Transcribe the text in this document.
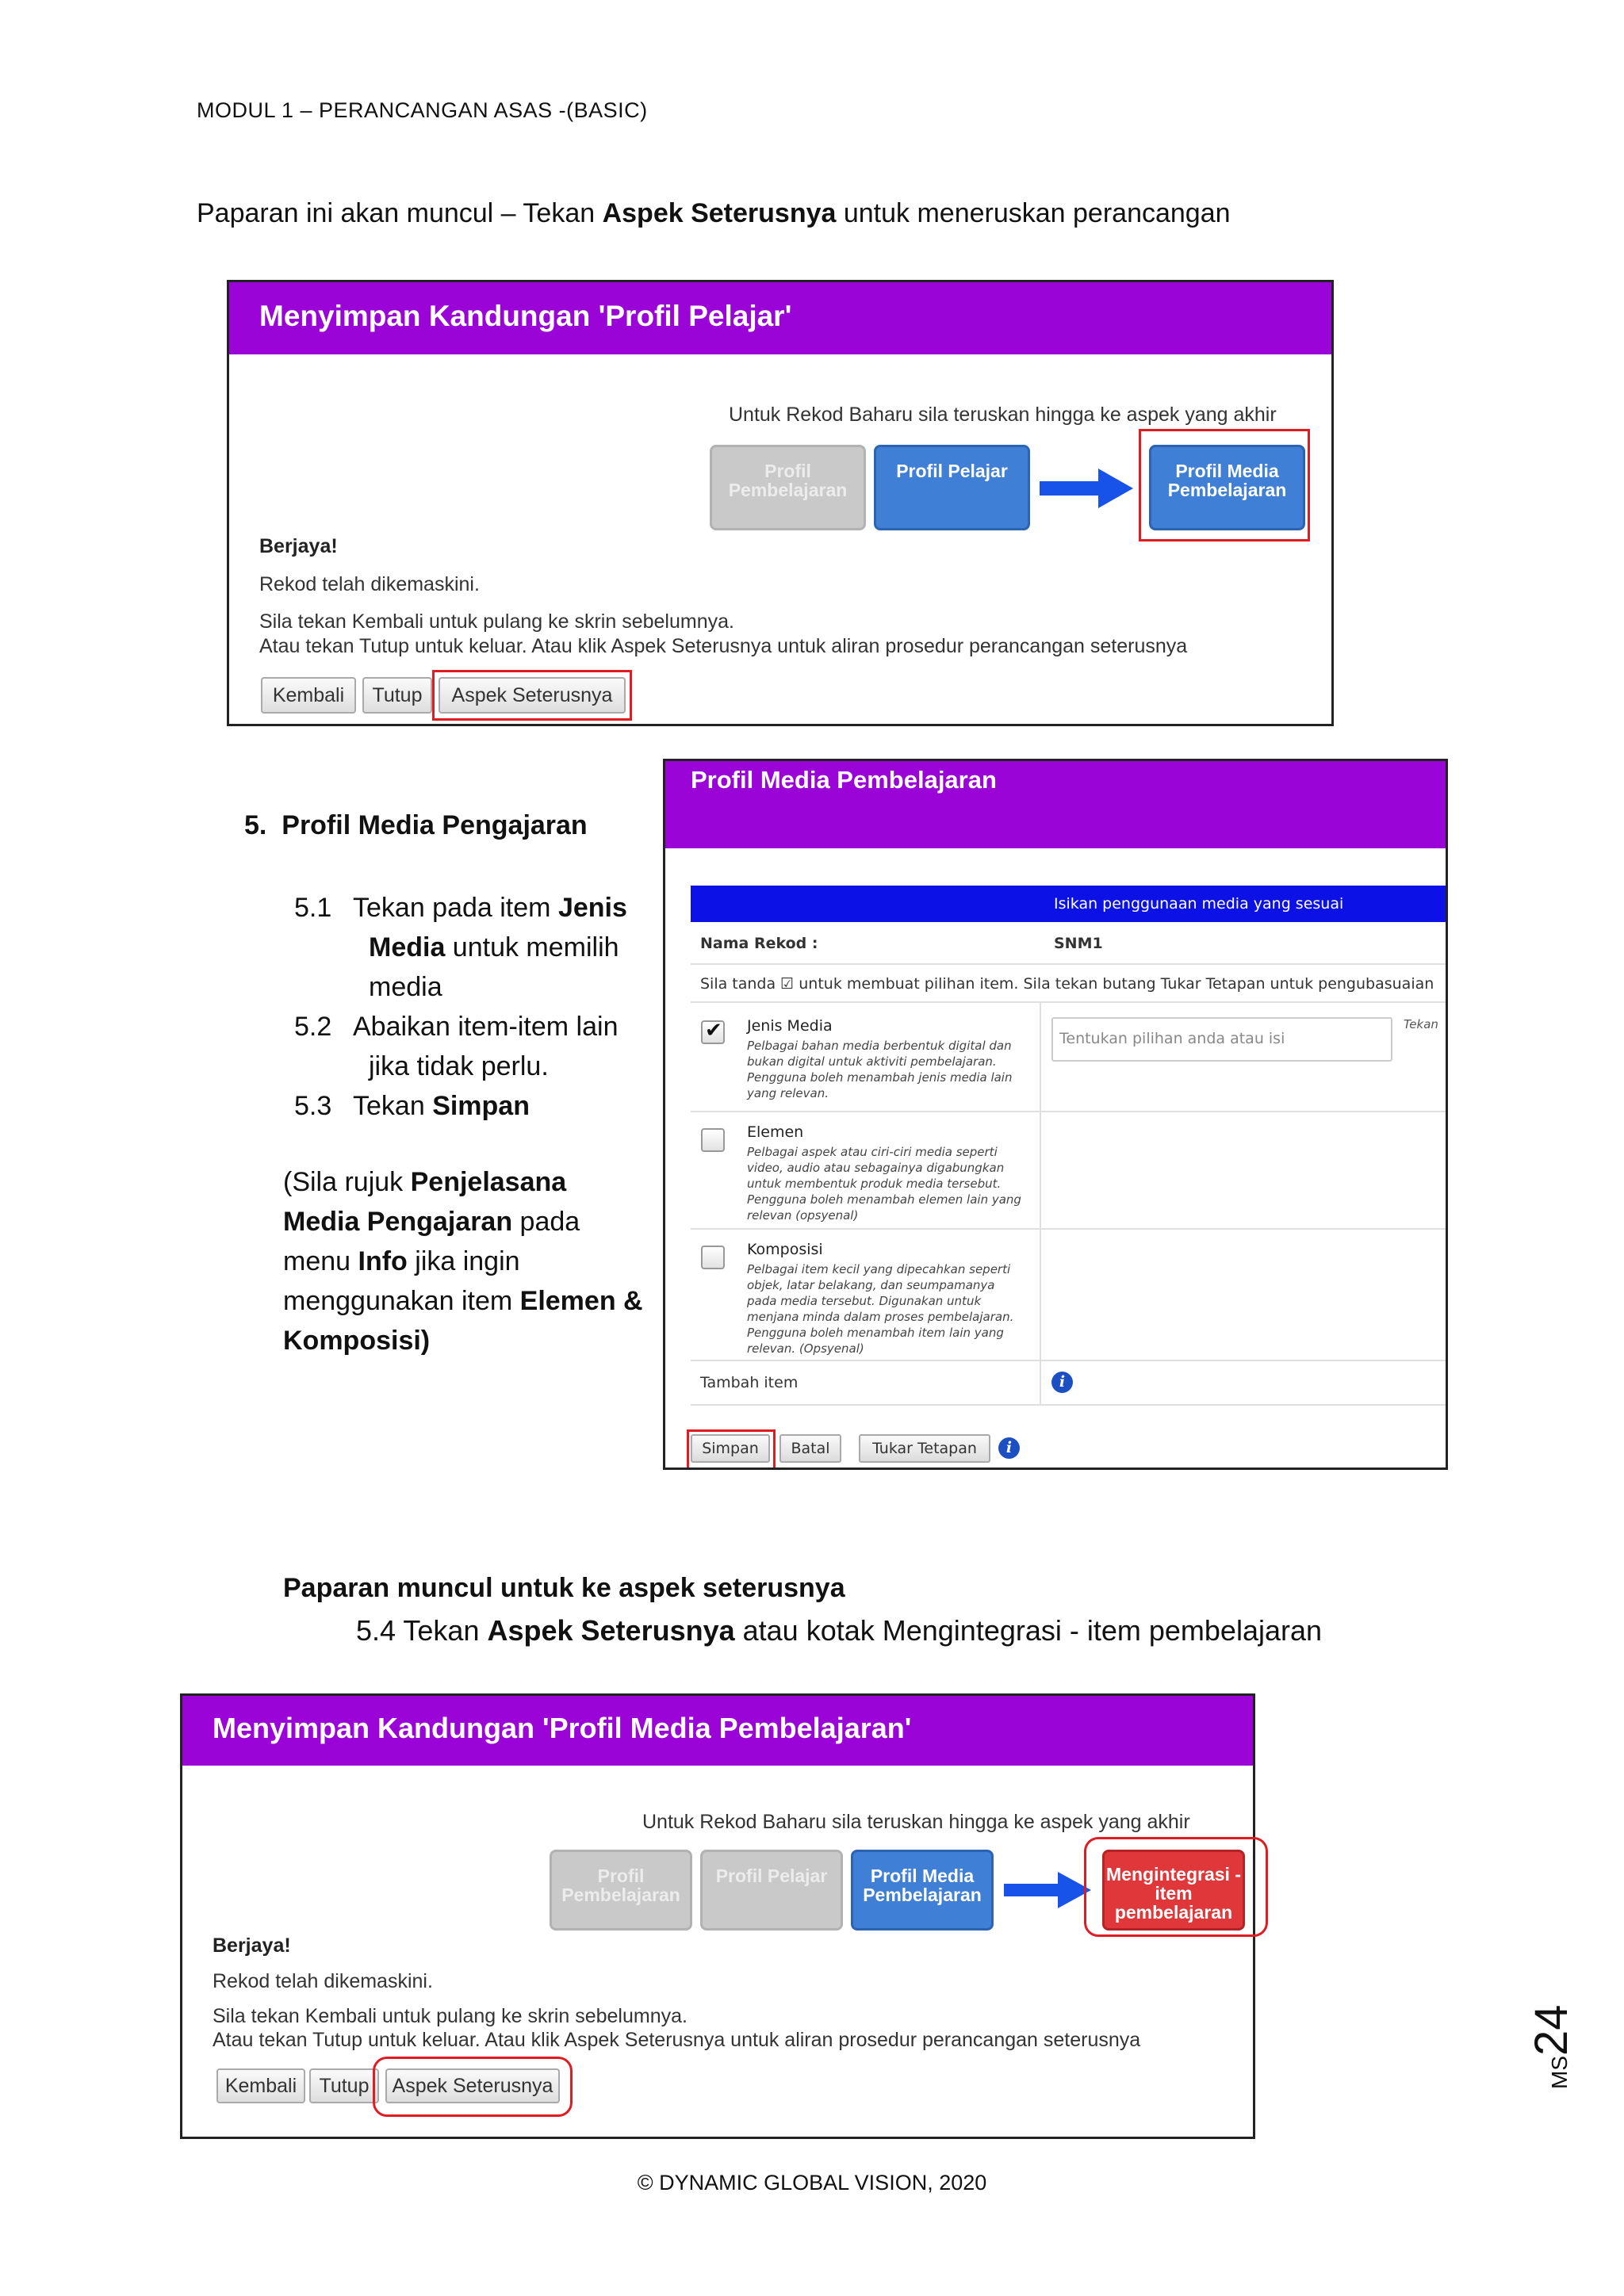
MODUL 1 – PERANCANGAN ASAS -(BASIC)
Paparan ini akan muncul – Tekan Aspek Seterusnya untuk meneruskan perancangan
Menyimpan Kandungan 'Profil Pelajar'
Untuk Rekod Baharu sila teruskan hingga ke aspek yang akhir
Profil Pembelajaran
Profil Pelajar	Profil Media Pembelajaran
Berjaya!
Rekod telah dikemaskini.
Sila tekan Kembali untuk pulang ke skrin sebelumnya.
Atau tekan Tutup untuk keluar. Atau klik Aspek Seterusnya untuk aliran prosedur perancangan seterusnya
Kembali	Tutup	Aspek Seterusnya
5. Profil Media Pengajaran
5.1 Tekan pada item Jenis Media untuk memilih media
5.2 Abaikan item-item lain jika tidak perlu.
5.3 Tekan Simpan
(Sila rujuk Penjelasana Media Pengajaran pada menu Info jika ingin menggunakan item Elemen & Komposisi)
Profil Media Pembelajaran
Isikan penggunaan media yang sesuai
Nama Rekod :	SNM1
Sila tanda ☑ untuk membuat pilihan item. Sila tekan butang Tukar Tetapan untuk pengubasuaian
✔ Jenis Media
Pelbagai bahan media berbentuk digital dan bukan digital untuk aktiviti pembelajaran. Pengguna boleh menambah jenis media lain yang relevan.
Tentukan pilihan anda atau isi
Tekan
Elemen
Pelbagai aspek atau ciri-ciri media seperti video, audio atau sebagainya digabungkan untuk membentuk produk media tersebut. Pengguna boleh menambah elemen lain yang relevan (opsyenal)
Komposisi
Pelbagai item kecil yang dipecahkan seperti objek, latar belakang, dan seumpamanya pada media tersebut. Digunakan untuk menjana minda dalam proses pembelajaran. Pengguna boleh menambah item lain yang relevan. (Opsyenal)
Tambah item	i
Simpan	Batal	Tukar Tetapan	i
Paparan muncul untuk ke aspek seterusnya
5.4 Tekan Aspek Seterusnya atau kotak Mengintegrasi - item pembelajaran
Menyimpan Kandungan 'Profil Media Pembelajaran'
Untuk Rekod Baharu sila teruskan hingga ke aspek yang akhir
Profil Pembelajaran
Profil Pelajar	Profil Media Pembelajaran
Mengintegrasi - item pembelajaran
Berjaya!
Rekod telah dikemaskini.
Sila tekan Kembali untuk pulang ke skrin sebelumnya.
Atau tekan Tutup untuk keluar. Atau klik Aspek Seterusnya untuk aliran prosedur perancangan seterusnya
Kembali	Tutup	Aspek Seterusnya	MS24
© DYNAMIC GLOBAL VISION, 2020
